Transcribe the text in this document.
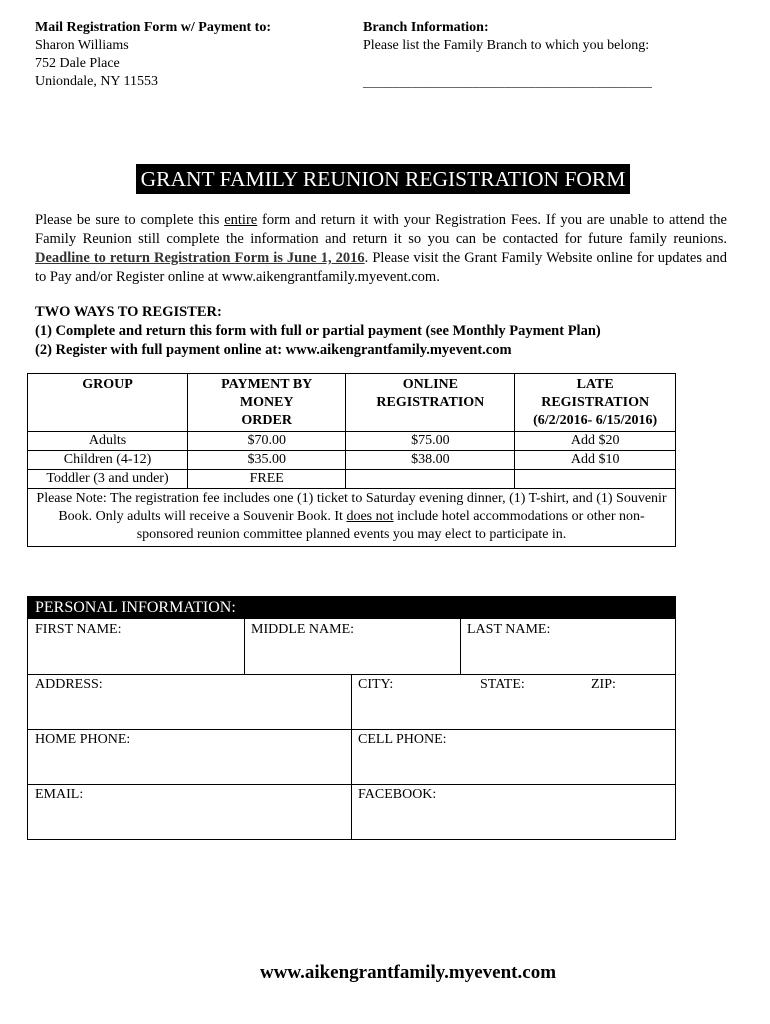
Mail Registration Form w/ Payment to:
Sharon Williams
752 Dale Place
Uniondale, NY 11553
Branch Information:
Please list the Family Branch to which you belong:
_______________________________________________
GRANT FAMILY REUNION REGISTRATION FORM
Please be sure to complete this entire form and return it with your Registration Fees. If you are unable to attend the Family Reunion still complete the information and return it so you can be contacted for future family reunions. Deadline to return Registration Form is June 1, 2016. Please visit the Grant Family Website online for updates and to Pay and/or Register online at www.aikengrantfamily.myevent.com.
TWO WAYS TO REGISTER:
(1) Complete and return this form with full or partial payment (see Monthly Payment Plan)
(2) Register with full payment online at: www.aikengrantfamily.myevent.com
GROUP	PAYMENT BY MONEY ORDER	ONLINE REGISTRATION	LATE REGISTRATION (6/2/2016- 6/15/2016)

Adults	$70.00	$75.00	Add $20
Children (4-12)	$35.00	$38.00	Add $10
Toddler (3 and under)	FREE		
Please Note: The registration fee includes one (1) ticket to Saturday evening dinner, (1) T-shirt, and (1) Souvenir Book. Only adults will receive a Souvenir Book. It does not include hotel accommodations or other non-sponsored reunion committee planned events you may elect to participate in.			
PERSONAL INFORMATION:
FIRST NAME:	MIDDLE NAME:	LAST NAME:
ADDRESS:	CITY:	STATE:	ZIP:
HOME PHONE:	CELL PHONE:
EMAIL:	FACEBOOK:
www.aikengrantfamily.myevent.com
